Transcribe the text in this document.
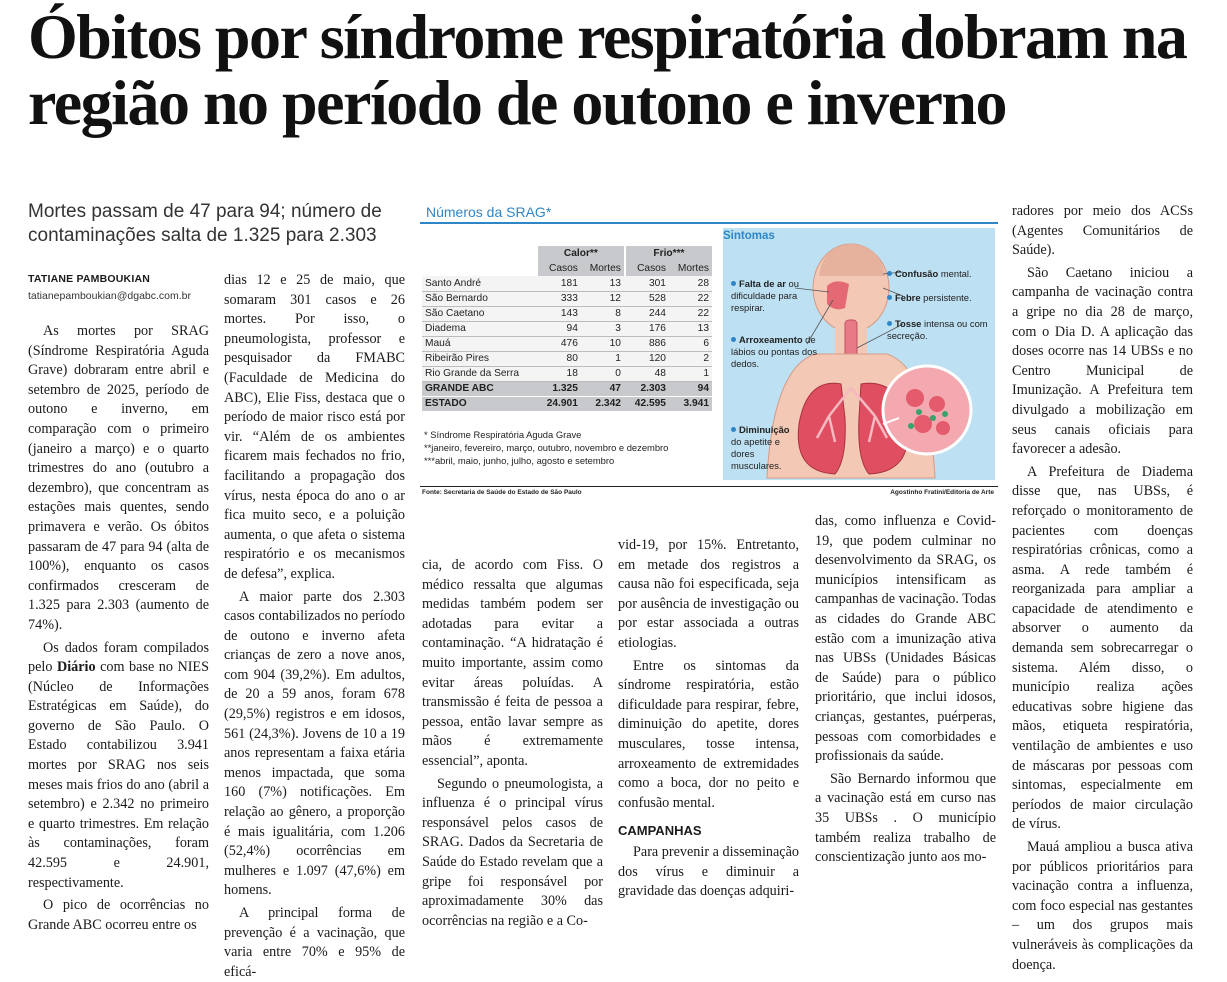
Óbitos por síndrome respiratória dobram na região no período de outono e inverno
Mortes passam de 47 para 94; número de contaminações salta de 1.325 para 2.303
TATIANE PAMBOUKIAN
tatianepamboukian@dgabc.com.br

As mortes por SRAG (Síndrome Respiratória Aguda Grave) dobraram entre abril e setembro de 2025, período de outono e inverno, em comparação com o primeiro (janeiro a março) e o quarto trimestres do ano (outubro a dezembro), que concentram as estações mais quentes, sendo primavera e verão. Os óbitos passaram de 47 para 94 (alta de 100%), enquanto os casos confirmados cresceram de 1.325 para 2.303 (aumento de 74%).

Os dados foram compilados pelo Diário com base no NIES (Núcleo de Informações Estratégicas em Saúde), do governo de São Paulo. O Estado contabilizou 3.941 mortes por SRAG nos seis meses mais frios do ano (abril a setembro) e 2.342 no primeiro e quarto trimestres. Em relação às contaminações, foram 42.595 e 24.901, respectivamente.

O pico de ocorrências no Grande ABC ocorreu entre os

dias 12 e 25 de maio, que somaram 301 casos e 26 mortes. Por isso, o pneumologista, professor e pesquisador da FMABC (Faculdade de Medicina do ABC), Elie Fiss, destaca que o período de maior risco está por vir. “Além de os ambientes ficarem mais fechados no frio, facilitando a propagação dos vírus, nesta época do ano o ar fica muito seco, e a poluição aumenta, o que afeta o sistema respiratório e os mecanismos de defesa”, explica.

A maior parte dos 2.303 casos contabilizados no período de outono e inverno afeta crianças de zero a nove anos, com 904 (39,2%). Em adultos, de 20 a 59 anos, foram 678 (29,5%) registros e em idosos, 561 (24,3%). Jovens de 10 a 19 anos representam a faixa etária menos impactada, que soma 160 (7%) notificações. Em relação ao gênero, a proporção é mais igualitária, com 1.206 (52,4%) ocorrências em mulheres e 1.097 (47,6%) em homens.

A principal forma de prevenção é a vacinação, que varia entre 70% e 95% de eficá-

cia, de acordo com Fiss. O médico ressalta que algumas medidas também podem ser adotadas para evitar a contaminação. “A hidratação é muito importante, assim como evitar áreas poluídas. A transmissão é feita de pessoa a pessoa, então lavar sempre as mãos é extremamente essencial”, aponta.

Segundo o pneumologista, a influenza é o principal vírus responsável pelos casos de SRAG. Dados da Secretaria de Saúde do Estado revelam que a gripe foi responsável por aproximadamente 30% das ocorrências na região e a Co-

vid-19, por 15%. Entretanto, em metade dos registros a causa não foi especificada, seja por ausência de investigação ou por estar associada a outras etiologias.

Entre os sintomas da síndrome respiratória, estão dificuldade para respirar, febre, diminuição do apetite, dores musculares, tosse intensa, arroxeamento de extremidades como a boca, dor no peito e confusão mental.

CAMPANHAS

Para prevenir a disseminação dos vírus e diminuir a gravidade das doenças adquiri-

das, como influenza e Covid-19, que podem culminar no desenvolvimento da SRAG, os municípios intensificam as campanhas de vacinação. Todas as cidades do Grande ABC estão com a imunização ativa nas UBSs (Unidades Básicas de Saúde) para o público prioritário, que inclui idosos, crianças, gestantes, puérperas, pessoas com comorbidades e profissionais da saúde.

São Bernardo informou que a vacinação está em curso nas 35 UBSs . O município também realiza trabalho de conscientização junto aos mo-

radores por meio dos ACSs (Agentes Comunitários de Saúde).

São Caetano iniciou a campanha de vacinação contra a gripe no dia 28 de março, com o Dia D. A aplicação das doses ocorre nas 14 UBSs e no Centro Municipal de Imunização. A Prefeitura tem divulgado a mobilização em seus canais oficiais para favorecer a adesão.

A Prefeitura de Diadema disse que, nas UBSs, é reforçado o monitoramento de pacientes com doenças respiratórias crônicas, como a asma. A rede também é reorganizada para ampliar a capacidade de atendimento e absorver o aumento da demanda sem sobrecarregar o sistema. Além disso, o município realiza ações educativas sobre higiene das mãos, etiqueta respiratória, ventilação de ambientes e uso de máscaras por pessoas com sintomas, especialmente em períodos de maior circulação de vírus.

Mauá ampliou a busca ativa por públicos prioritários para vacinação contra a influenza, com foco especial nas gestantes – um dos grupos mais vulneráveis às complicações da doença.

Números da SRAG*
	Calor**			Frio***	
	Casos	Mortes		Casos	Mortes
Santo André	181	13		301	28
São Bernardo	333	12		528	22
São Caetano	143	8		244	22
Diadema	94	3		176	13
Mauá	476	10		886	6
Ribeirão Pires	80	1		120	2
Rio Grande da Serra	18	0		48	1
GRANDE ABC	1.325	47		2.303	94
ESTADO	24.901	2.342		42.595	3.941
* Síndrome Respiratória Aguda Grave
**janeiro, fevereiro, março, outubro, novembro e dezembro
***abril, maio, junho, julho, agosto e setembro
Sintomas
Falta de ar ou dificuldade para respirar.
Arroxeamento de lábios ou pontas dos dedos.
Diminuição do apetite e dores musculares.
Confusão mental.
Febre persistente.
Tosse intensa ou com secreção.
Fonte: Secretaria de Saúde do Estado de São Paulo	Agostinho Fratini/Editoria de Arte
